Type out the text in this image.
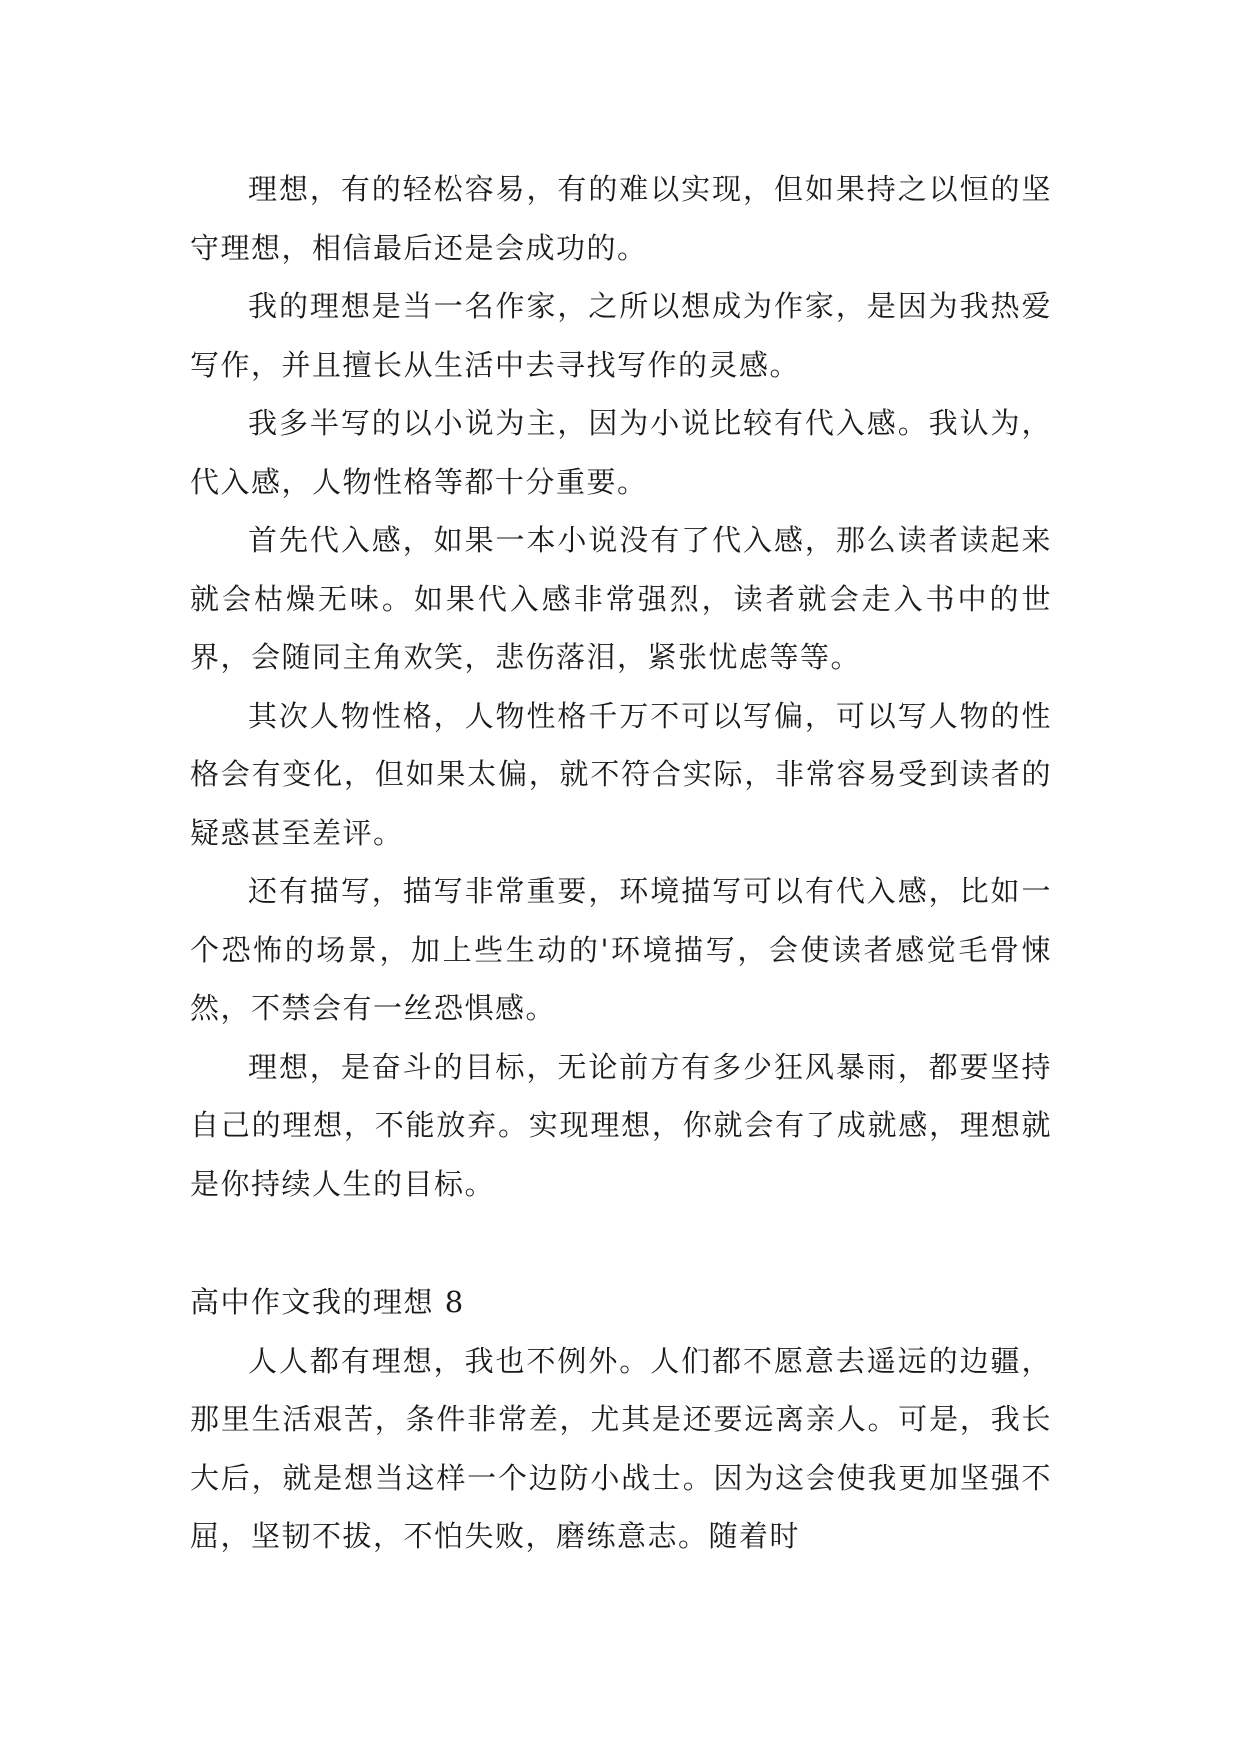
理想，有的轻松容易，有的难以实现，但如果持之以恒的坚守理想，相信最后还是会成功的。

我的理想是当一名作家，之所以想成为作家，是因为我热爱写作，并且擅长从生活中去寻找写作的灵感。

我多半写的以小说为主，因为小说比较有代入感。我认为，代入感，人物性格等都十分重要。

首先代入感，如果一本小说没有了代入感，那么读者读起来就会枯燥无味。如果代入感非常强烈，读者就会走入书中的世界，会随同主角欢笑，悲伤落泪，紧张忧虑等等。

其次人物性格，人物性格千万不可以写偏，可以写人物的性格会有变化，但如果太偏，就不符合实际，非常容易受到读者的疑惑甚至差评。

还有描写，描写非常重要，环境描写可以有代入感，比如一个恐怖的场景，加上些生动的'环境描写，会使读者感觉毛骨悚然，不禁会有一丝恐惧感。

理想，是奋斗的目标，无论前方有多少狂风暴雨，都要坚持自己的理想，不能放弃。实现理想，你就会有了成就感，理想就是你持续人生的目标。

高中作文我的理想 8

人人都有理想，我也不例外。人们都不愿意去遥远的边疆，那里生活艰苦，条件非常差，尤其是还要远离亲人。可是，我长大后，就是想当这样一个边防小战士。因为这会使我更加坚强不屈，坚韧不拔，不怕失败，磨练意志。随着时
